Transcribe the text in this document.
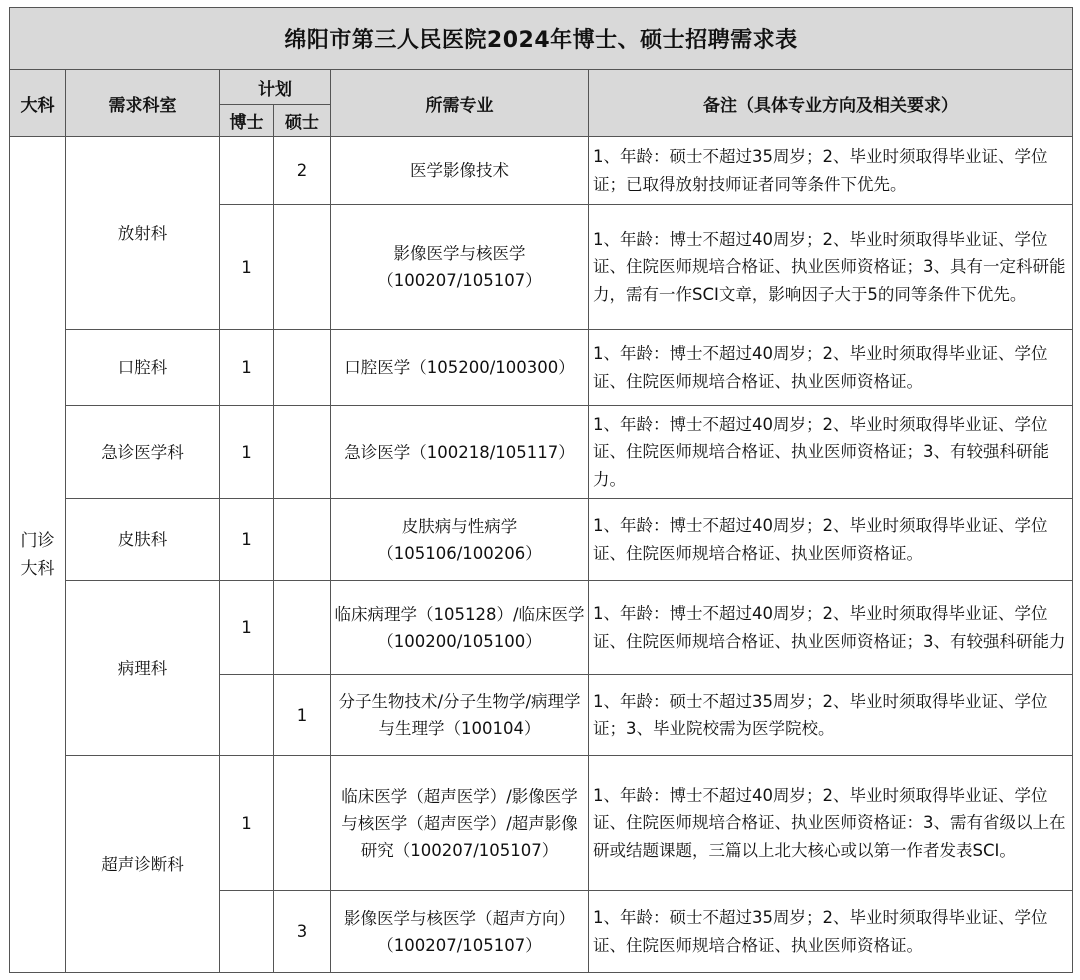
绵阳市第三人民医院2024年博士、硕士招聘需求表					
大科	需求科室	计划		所需专业	备注（具体专业方向及相关要求）
		博士	硕士		
门诊大科	放射科		2	医学影像技术	1、年龄：硕士不超过35周岁；2、毕业时须取得毕业证、学位证；已取得放射技师证者同等条件下优先。
		1		影像医学与核医学（100207/105107）	1、年龄：博士不超过40周岁；2、毕业时须取得毕业证、学位证、住院医师规培合格证、执业医师资格证；3、具有一定科研能力，需有一作SCI文章，影响因子大于5的同等条件下优先。
	口腔科	1		口腔医学（105200/100300）	1、年龄：博士不超过40周岁；2、毕业时须取得毕业证、学位证、住院医师规培合格证、执业医师资格证。
	急诊医学科	1		急诊医学（100218/105117）	1、年龄：博士不超过40周岁；2、毕业时须取得毕业证、学位证、住院医师规培合格证、执业医师资格证；3、有较强科研能力。
	皮肤科	1		皮肤病与性病学（105106/100206）	1、年龄：博士不超过40周岁；2、毕业时须取得毕业证、学位证、住院医师规培合格证、执业医师资格证。
	病理科	1		临床病理学（105128）/临床医学（100200/105100）	1、年龄：博士不超过40周岁；2、毕业时须取得毕业证、学位证、住院医师规培合格证、执业医师资格证；3、有较强科研能力
			1	分子生物技术/分子生物学/病理学与生理学（100104）	1、年龄：硕士不超过35周岁；2、毕业时须取得毕业证、学位证；3、毕业院校需为医学院校。
	超声诊断科	1		临床医学（超声医学）/影像医学与核医学（超声医学）/超声影像研究（100207/105107）	1、年龄：博士不超过40周岁；2、毕业时须取得毕业证、学位证、住院医师规培合格证、执业医师资格证：3、需有省级以上在研或结题课题，三篇以上北大核心或以第一作者发表SCI。
			3	影像医学与核医学（超声方向）（100207/105107）	1、年龄：硕士不超过35周岁；2、毕业时须取得毕业证、学位证、住院医师规培合格证、执业医师资格证。
